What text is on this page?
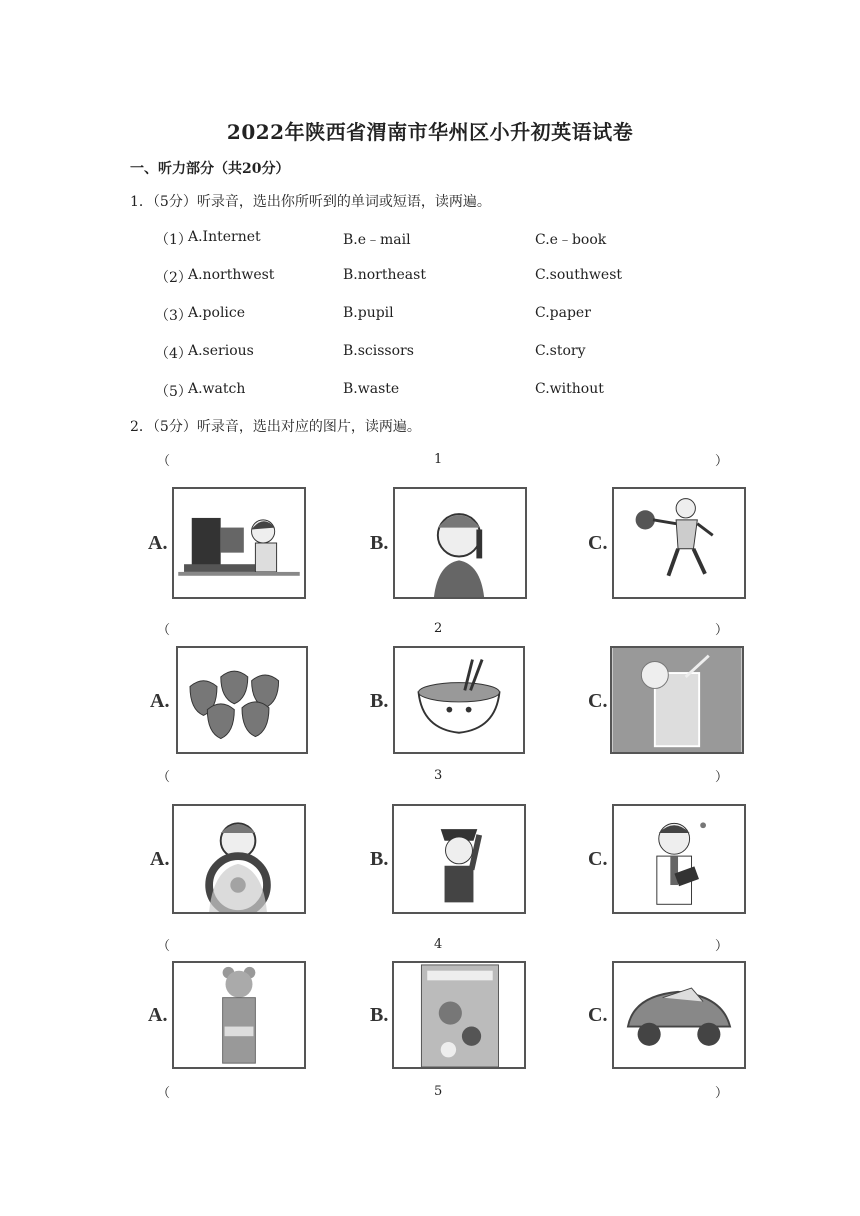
2022年陕西省渭南市华州区小升初英语试卷
一、听力部分（共20分）
1．（5分）听录音，选出你所听到的单词或短语，读两遍。
（1）
A.Internet	B.e﹣mail	C.e﹣book
（2）
A.northwest	B.northeast	C.southwest
（3）
A.police	B.pupil	C.paper
（4）
A.serious	B.scissors	C.story
（5）
A.watch	B.waste	C.without
2．（5分）听录音，选出对应的图片，读两遍。
（	1	）
（	2	）
（	3	）
（	4	）
（	5	）
A.	B.	C.
A.	B.	C.
A.	B.	C.
A.	B.	C.
